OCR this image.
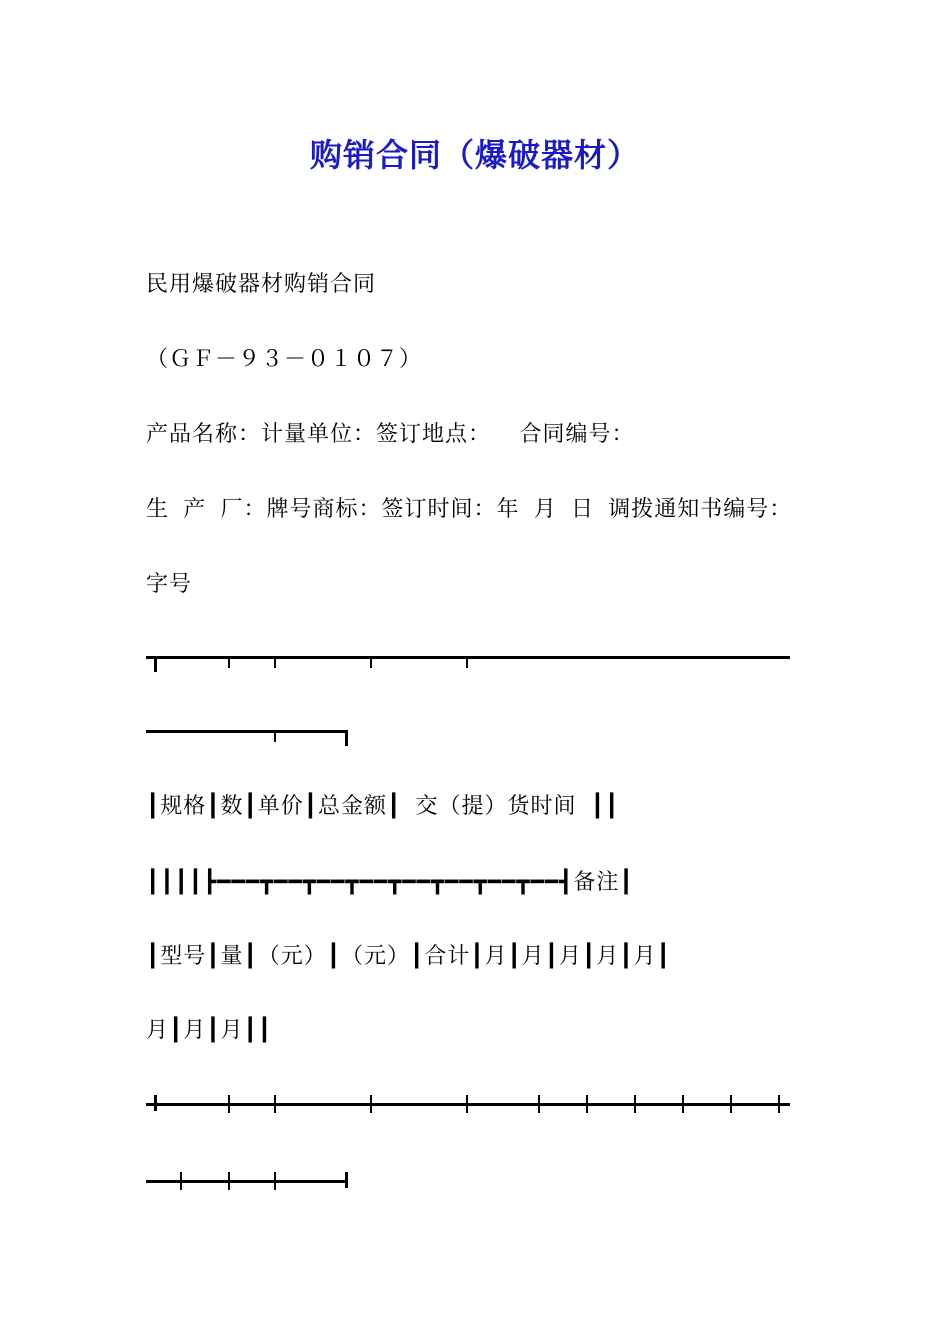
购销合同（爆破器材）
民用爆破器材购销合同
（ＧＦ－９３－０１０７）
产品名称：计量单位：签订地点：  合同编号：
生 产 厂：牌号商标：签订时间：年 月 日 调拨通知书编号：
字号
┃规格┃数┃单价┃总金额┃ 交（提）货时间 ┃┃
┃┃┃┃┣━━━┳━━┳━━┳━━┳━━┳━━┳━━┳━━┫备注┃
┃型号┃量┃（元）┃（元）┃合计┃月┃月┃月┃月┃月┃
月┃月┃月┃┃
